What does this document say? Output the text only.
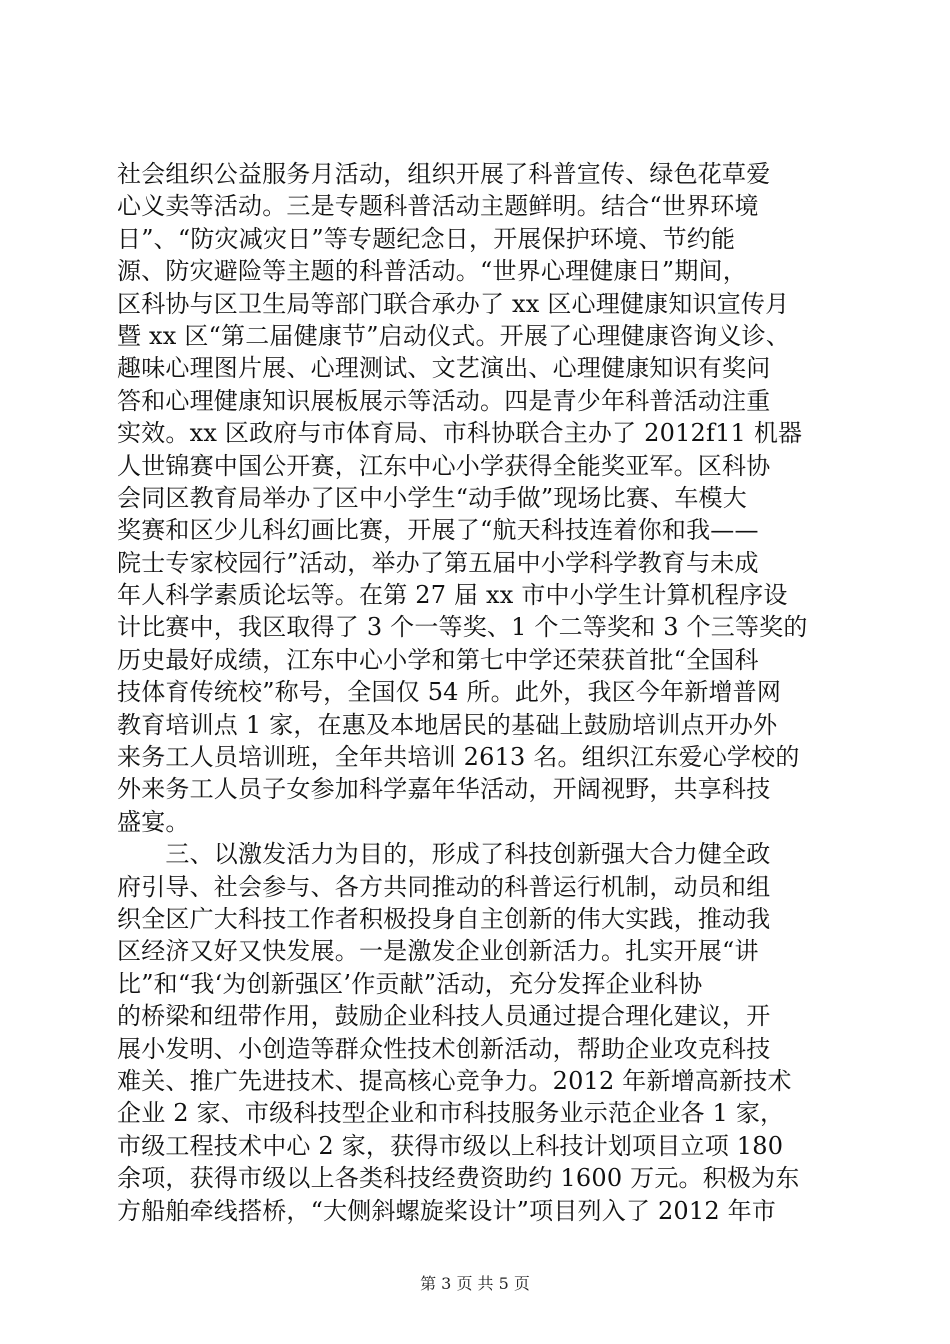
社会组织公益服务月活动，组织开展了科普宣传、绿色花草爱
心义卖等活动。三是专题科普活动主题鲜明。结合“世界环境
日”、“防灾减灾日”等专题纪念日，开展保护环境、节约能
源、防灾避险等主题的科普活动。“世界心理健康日”期间，
区科协与区卫生局等部门联合承办了 xx 区心理健康知识宣传月
暨 xx 区“第二届健康节”启动仪式。开展了心理健康咨询义诊、
趣味心理图片展、心理测试、文艺演出、心理健康知识有奖问
答和心理健康知识展板展示等活动。四是青少年科普活动注重
实效。xx 区政府与市体育局、市科协联合主办了 2012f11 机器
人世锦赛中国公开赛，江东中心小学获得全能奖亚军。区科协
会同区教育局举办了区中小学生“动手做”现场比赛、车模大
奖赛和区少儿科幻画比赛，开展了“航天科技连着你和我——
院士专家校园行”活动，举办了第五届中小学科学教育与未成
年人科学素质论坛等。在第 27 届 xx 市中小学生计算机程序设
计比赛中，我区取得了 3 个一等奖、1 个二等奖和 3 个三等奖的
历史最好成绩，江东中心小学和第七中学还荣获首批“全国科
技体育传统校”称号，全国仅 54 所。此外，我区今年新增普网
教育培训点 1 家，在惠及本地居民的基础上鼓励培训点开办外
来务工人员培训班，全年共培训 2613 名。组织江东爱心学校的
外来务工人员子女参加科学嘉年华活动，开阔视野，共享科技
盛宴。
　　三、以激发活力为目的，形成了科技创新强大合力健全政
府引导、社会参与、各方共同推动的科普运行机制，动员和组
织全区广大科技工作者积极投身自主创新的伟大实践，推动我
区经济又好又快发展。一是激发企业创新活力。扎实开展“讲
比”和“我‘为创新强区’作贡献”活动，充分发挥企业科协
的桥梁和纽带作用，鼓励企业科技人员通过提合理化建议，开
展小发明、小创造等群众性技术创新活动，帮助企业攻克科技
难关、推广先进技术、提高核心竞争力。2012 年新增高新技术
企业 2 家、市级科技型企业和市科技服务业示范企业各 1 家，
市级工程技术中心 2 家，获得市级以上科技计划项目立项 180
余项，获得市级以上各类科技经费资助约 1600 万元。积极为东
方船舶牵线搭桥，“大侧斜螺旋桨设计”项目列入了 2012 年市
第 3 页 共 5 页
